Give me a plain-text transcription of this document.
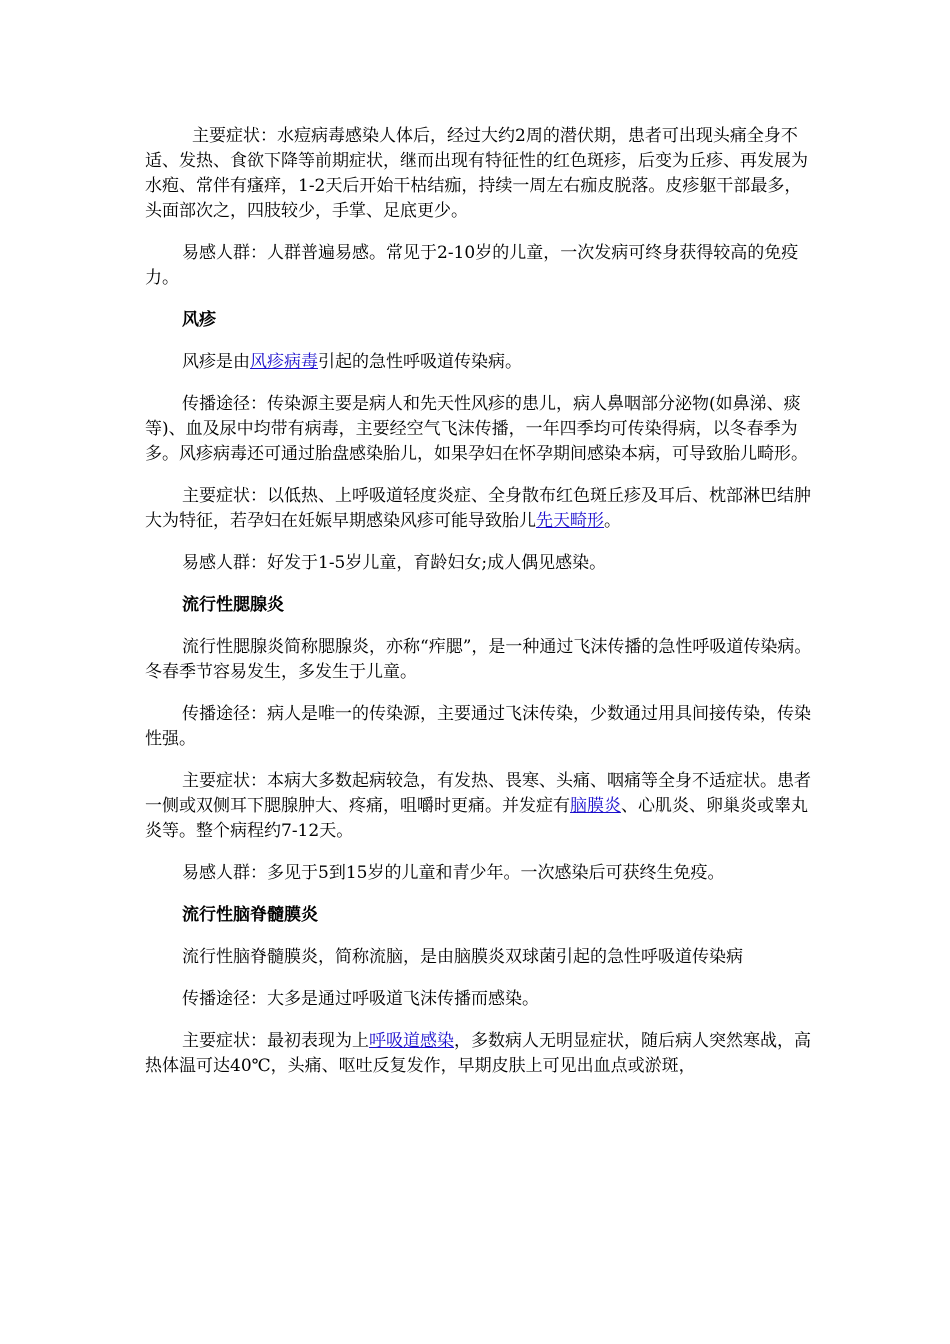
主要症状：水痘病毒感染人体后，经过大约2周的潜伏期，患者可出现头痛全身不适、发热、食欲下降等前期症状，继而出现有特征性的红色斑疹，后变为丘疹、再发展为水疱、常伴有瘙痒，1-2天后开始干枯结痂，持续一周左右痂皮脱落。皮疹躯干部最多，头面部次之，四肢较少，手掌、足底更少。

易感人群：人群普遍易感。常见于2-10岁的儿童，一次发病可终身获得较高的免疫力。

风疹

风疹是由风疹病毒引起的急性呼吸道传染病。

传播途径：传染源主要是病人和先天性风疹的患儿，病人鼻咽部分泌物(如鼻涕、痰等)、血及尿中均带有病毒，主要经空气飞沫传播，一年四季均可传染得病，以冬春季为多。风疹病毒还可通过胎盘感染胎儿，如果孕妇在怀孕期间感染本病，可导致胎儿畸形。

主要症状：以低热、上呼吸道轻度炎症、全身散布红色斑丘疹及耳后、枕部淋巴结肿大为特征，若孕妇在妊娠早期感染风疹可能导致胎儿先天畸形。

易感人群：好发于1-5岁儿童，育龄妇女;成人偶见感染。

流行性腮腺炎

流行性腮腺炎简称腮腺炎，亦称“痄腮”，是一种通过飞沫传播的急性呼吸道传染病。冬春季节容易发生，多发生于儿童。

传播途径：病人是唯一的传染源，主要通过飞沫传染，少数通过用具间接传染，传染性强。

主要症状：本病大多数起病较急，有发热、畏寒、头痛、咽痛等全身不适症状。患者一侧或双侧耳下腮腺肿大、疼痛，咀嚼时更痛。并发症有脑膜炎、心肌炎、卵巢炎或睾丸炎等。整个病程约7-12天。

易感人群：多见于5到15岁的儿童和青少年。一次感染后可获终生免疫。

流行性脑脊髓膜炎

流行性脑脊髓膜炎，简称流脑，是由脑膜炎双球菌引起的急性呼吸道传染病

传播途径：大多是通过呼吸道飞沫传播而感染。

主要症状：最初表现为上呼吸道感染，多数病人无明显症状，随后病人突然寒战，高热体温可达40℃，头痛、呕吐反复发作，早期皮肤上可见出血点或淤斑，
